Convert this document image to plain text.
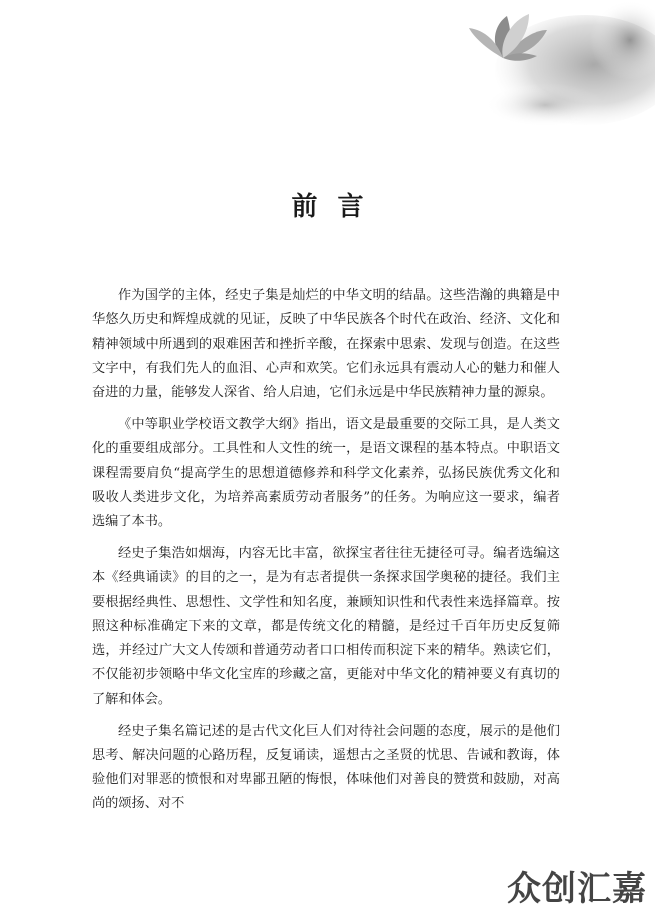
前言

作为国学的主体，经史子集是灿烂的中华文明的结晶。这些浩瀚的典籍是中华悠久历史和辉煌成就的见证，反映了中华民族各个时代在政治、经济、文化和精神领域中所遇到的艰难困苦和挫折辛酸，在探索中思索、发现与创造。在这些文字中，有我们先人的血泪、心声和欢笑。它们永远具有震动人心的魅力和催人奋进的力量，能够发人深省、给人启迪，它们永远是中华民族精神力量的源泉。

《中等职业学校语文教学大纲》指出，语文是最重要的交际工具，是人类文化的重要组成部分。工具性和人文性的统一，是语文课程的基本特点。中职语文课程需要肩负“提高学生的思想道德修养和科学文化素养，弘扬民族优秀文化和吸收人类进步文化，为培养高素质劳动者服务”的任务。为响应这一要求，编者选编了本书。

经史子集浩如烟海，内容无比丰富，欲探宝者往往无捷径可寻。编者选编这本《经典诵读》的目的之一，是为有志者提供一条探求国学奥秘的捷径。我们主要根据经典性、思想性、文学性和知名度，兼顾知识性和代表性来选择篇章。按照这种标准确定下来的文章，都是传统文化的精髓，是经过千百年历史反复筛选，并经过广大文人传颂和普通劳动者口口相传而积淀下来的精华。熟读它们，不仅能初步领略中华文化宝库的珍藏之富，更能对中华文化的精神要义有真切的了解和体会。

经史子集名篇记述的是古代文化巨人们对待社会问题的态度，展示的是他们思考、解决问题的心路历程，反复诵读，遥想古之圣贤的忧思、告诫和教诲，体验他们对罪恶的愤恨和对卑鄙丑陋的悔恨，体味他们对善良的赞赏和鼓励，对高尚的颂扬、对不

众创汇嘉
